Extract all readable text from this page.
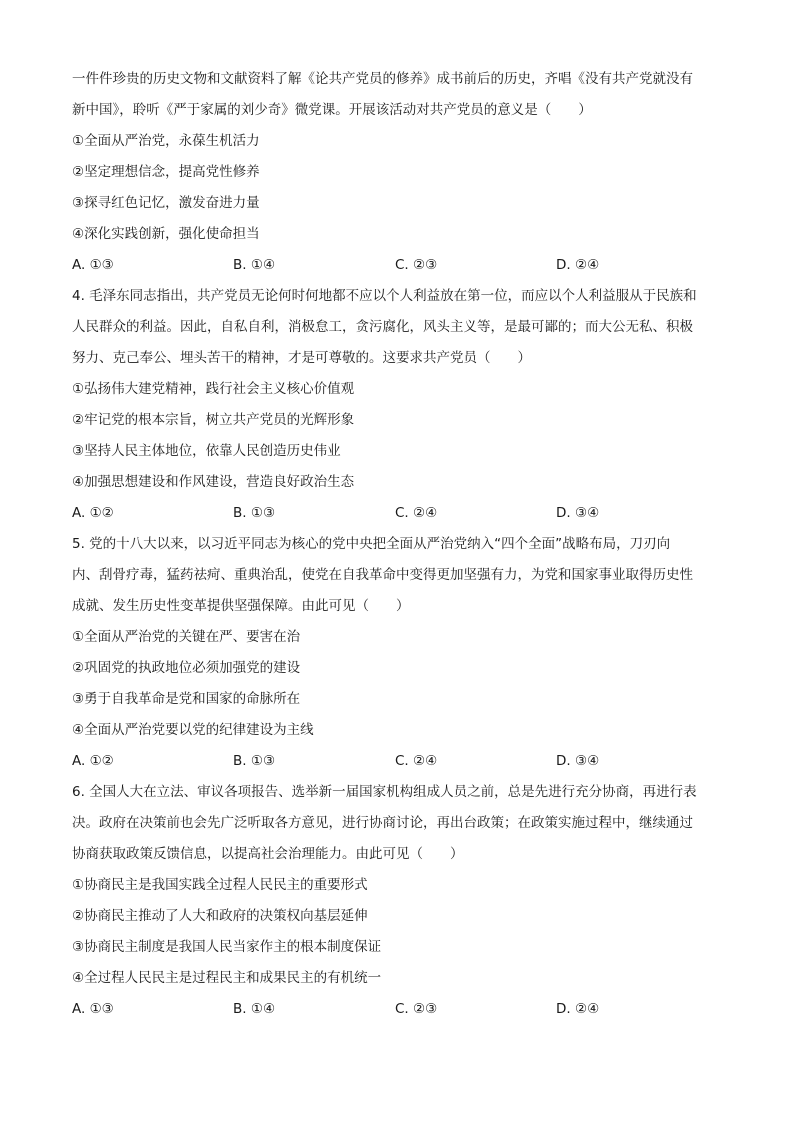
一件件珍贵的历史文物和文献资料了解《论共产党员的修养》成书前后的历史，齐唱《没有共产党就没有
新中国》，聆听《严于家属的刘少奇》微党课。开展该活动对共产党员的意义是（　　）
①全面从严治党，永葆生机活力
②坚定理想信念，提高党性修养
③探寻红色记忆，激发奋进力量
④深化实践创新，强化使命担当
A. ①③	B. ①④	C. ②③	D. ②④
4. 毛泽东同志指出，共产党员无论何时何地都不应以个人利益放在第一位，而应以个人利益服从于民族和
人民群众的利益。因此，自私自利，消极怠工，贪污腐化，风头主义等，是最可鄙的；而大公无私、积极
努力、克己奉公、埋头苦干的精神，才是可尊敬的。这要求共产党员（　　）
①弘扬伟大建党精神，践行社会主义核心价值观
②牢记党的根本宗旨，树立共产党员的光辉形象
③坚持人民主体地位，依靠人民创造历史伟业
④加强思想建设和作风建设，营造良好政治生态
A. ①②	B. ①③	C. ②④	D. ③④
5. 党的十八大以来，以习近平同志为核心的党中央把全面从严治党纳入“四个全面”战略布局，刀刃向
内、刮骨疗毒，猛药祛疴、重典治乱，使党在自我革命中变得更加坚强有力，为党和国家事业取得历史性
成就、发生历史性变革提供坚强保障。由此可见（　　）
①全面从严治党的关键在严、要害在治
②巩固党的执政地位必须加强党的建设
③勇于自我革命是党和国家的命脉所在
④全面从严治党要以党的纪律建设为主线
A. ①②	B. ①③	C. ②④	D. ③④
6. 全国人大在立法、审议各项报告、选举新一届国家机构组成人员之前，总是先进行充分协商，再进行表
决。政府在决策前也会先广泛听取各方意见，进行协商讨论，再出台政策；在政策实施过程中，继续通过
协商获取政策反馈信息，以提高社会治理能力。由此可见（　　）
①协商民主是我国实践全过程人民民主的重要形式
②协商民主推动了人大和政府的决策权向基层延伸
③协商民主制度是我国人民当家作主的根本制度保证
④全过程人民民主是过程民主和成果民主的有机统一
A. ①③	B. ①④	C. ②③	D. ②④
